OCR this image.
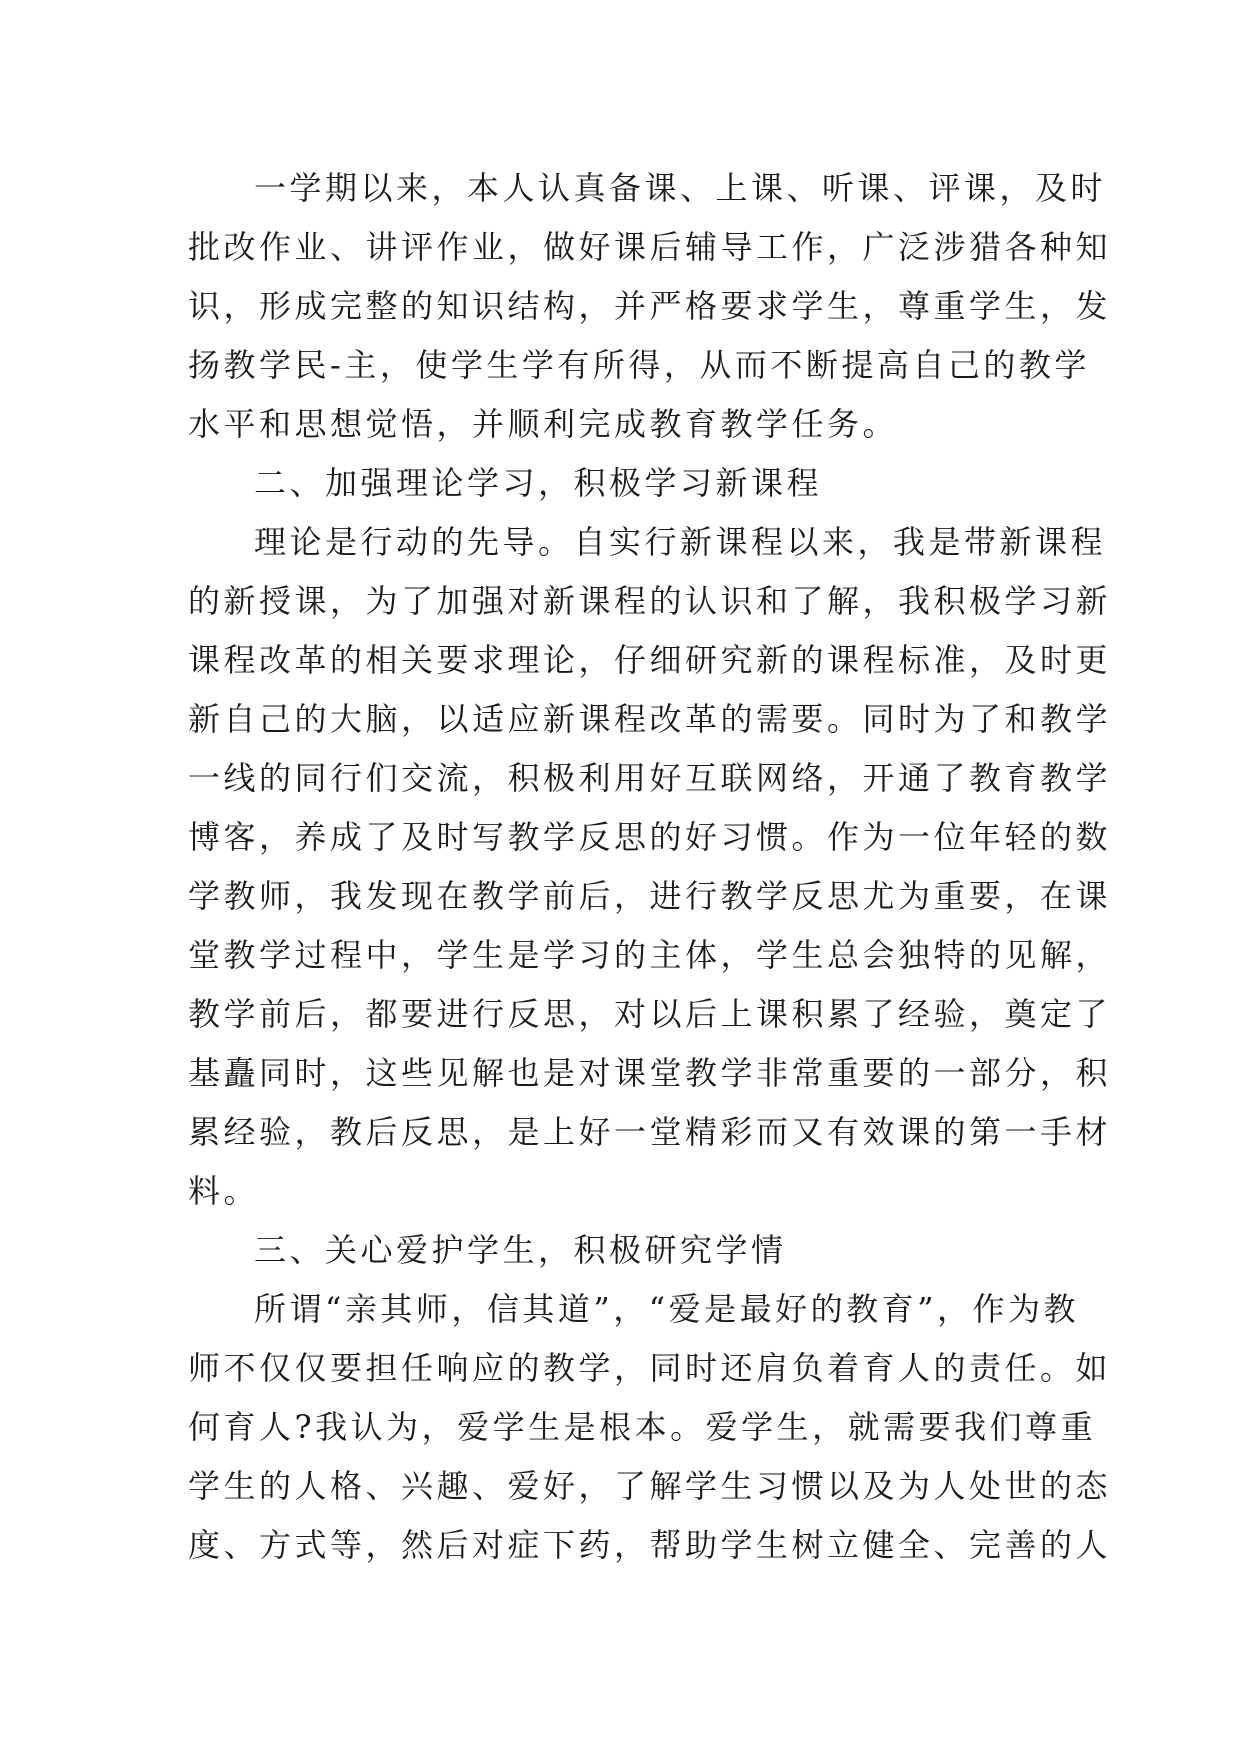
一学期以来，本人认真备课、上课、听课、评课，及时
批改作业、讲评作业，做好课后辅导工作，广泛涉猎各种知
识，形成完整的知识结构，并严格要求学生，尊重学生，发
扬教学民-主，使学生学有所得，从而不断提高自己的教学
水平和思想觉悟，并顺利完成教育教学任务。
二、加强理论学习，积极学习新课程
理论是行动的先导。自实行新课程以来，我是带新课程
的新授课，为了加强对新课程的认识和了解，我积极学习新
课程改革的相关要求理论，仔细研究新的课程标准，及时更
新自己的大脑，以适应新课程改革的需要。同时为了和教学
一线的同行们交流，积极利用好互联网络，开通了教育教学
博客，养成了及时写教学反思的好习惯。作为一位年轻的数
学教师，我发现在教学前后，进行教学反思尤为重要，在课
堂教学过程中，学生是学习的主体，学生总会独特的见解，
教学前后，都要进行反思，对以后上课积累了经验，奠定了
基矗同时，这些见解也是对课堂教学非常重要的一部分，积
累经验，教后反思，是上好一堂精彩而又有效课的第一手材
料。
三、关心爱护学生，积极研究学情
所谓“亲其师，信其道”，“爱是最好的教育”，作为教
师不仅仅要担任响应的教学，同时还肩负着育人的责任。如
何育人?我认为，爱学生是根本。爱学生，就需要我们尊重
学生的人格、兴趣、爱好，了解学生习惯以及为人处世的态
度、方式等，然后对症下药，帮助学生树立健全、完善的人
